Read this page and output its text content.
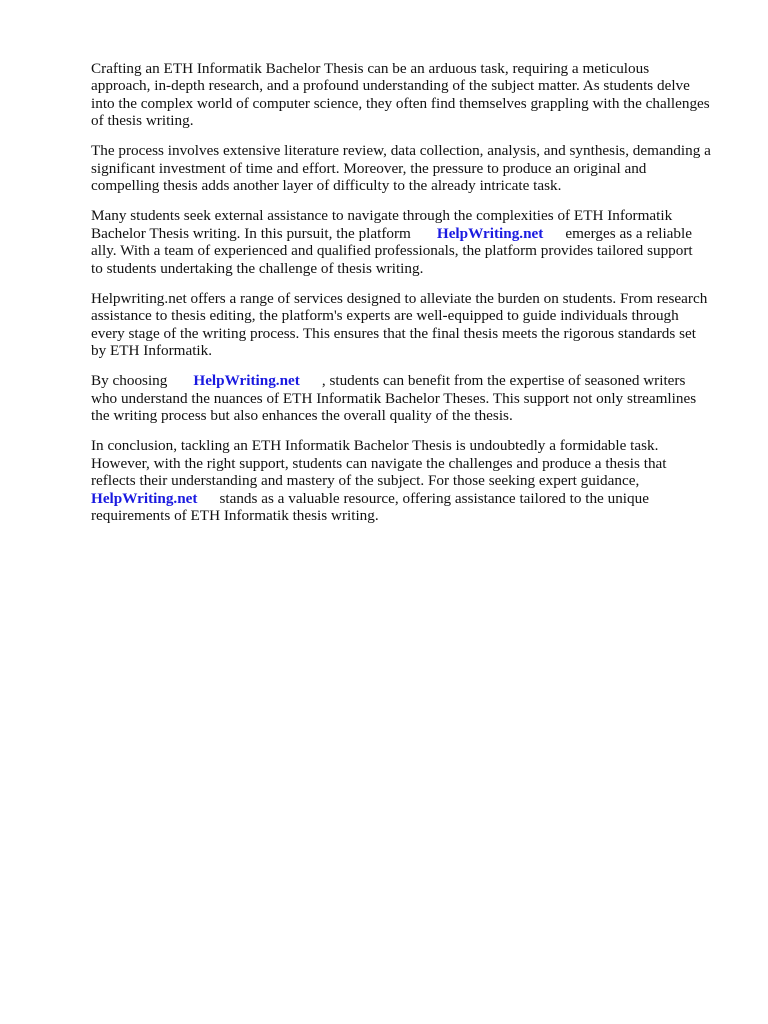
Crafting an ETH Informatik Bachelor Thesis can be an arduous task, requiring a meticulous
approach, in-depth research, and a profound understanding of the subject matter. As students delve
into the complex world of computer science, they often find themselves grappling with the challenges
of thesis writing.

The process involves extensive literature review, data collection, analysis, and synthesis, demanding a
significant investment of time and effort. Moreover, the pressure to produce an original and
compelling thesis adds another layer of difficulty to the already intricate task.

Many students seek external assistance to navigate through the complexities of ETH Informatik
Bachelor Thesis writing. In this pursuit, the platform HelpWriting.net emerges as a reliable
ally. With a team of experienced and qualified professionals, the platform provides tailored support
to students undertaking the challenge of thesis writing.

Helpwriting.net offers a range of services designed to alleviate the burden on students. From research
assistance to thesis editing, the platform's experts are well-equipped to guide individuals through
every stage of the writing process. This ensures that the final thesis meets the rigorous standards set
by ETH Informatik.

By choosing HelpWriting.net , students can benefit from the expertise of seasoned writers
who understand the nuances of ETH Informatik Bachelor Theses. This support not only streamlines
the writing process but also enhances the overall quality of the thesis.

In conclusion, tackling an ETH Informatik Bachelor Thesis is undoubtedly a formidable task.
However, with the right support, students can navigate the challenges and produce a thesis that
reflects their understanding and mastery of the subject. For those seeking expert guidance,
HelpWriting.net stands as a valuable resource, offering assistance tailored to the unique
requirements of ETH Informatik thesis writing.
